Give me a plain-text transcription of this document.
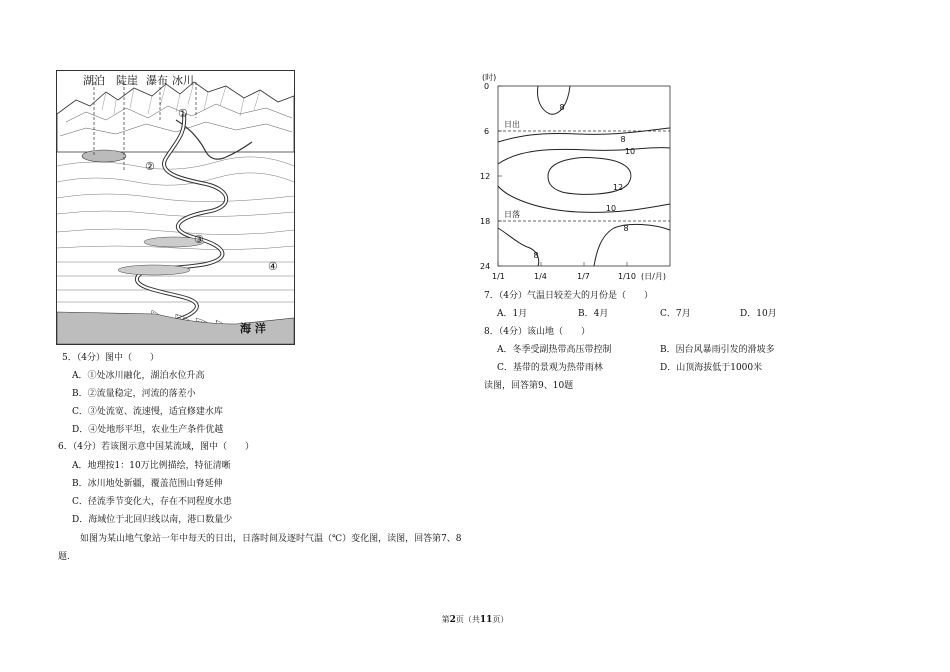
湖泊 陡崖 瀑布 冰川
①
②
③
④
海 洋
5．（4分）图中（　　）
A．①处冰川融化，湖泊水位升高
B．②流量稳定，河流的落差小
C．③处流宽、流速慢，适宜修建水库
D．④处地形平坦，农业生产条件优越
6．（4分）若该图示意中国某流域，图中（　　）
A．地理按1：10万比例描绘，特征清晰
B．冰川地处新疆，覆盖范围山脊延伸
C．径流季节变化大，存在不同程度水患
D．海域位于北回归线以南，港口数量少
如图为某山地气象站一年中每天的日出，日落时间及逐时气温（℃）变化图，读图，回答第7、8
题.
8
8
10
12
10
8
8
(时)
0
6
12
18
24
1/1	1/4	1/7	1/10 (日/月)
日出
日落
7．（4分）气温日较差大的月份是（　　）
A．1月	B．4月	C．7月	D．10月
8．（4分）该山地（　　）
A．冬季受副热带高压带控制	B．因台风暴雨引发的滑坡多
C．基带的景观为热带雨林	D．山顶海拔低于1000米
读图，回答第9、10题
第2页（共11页）
